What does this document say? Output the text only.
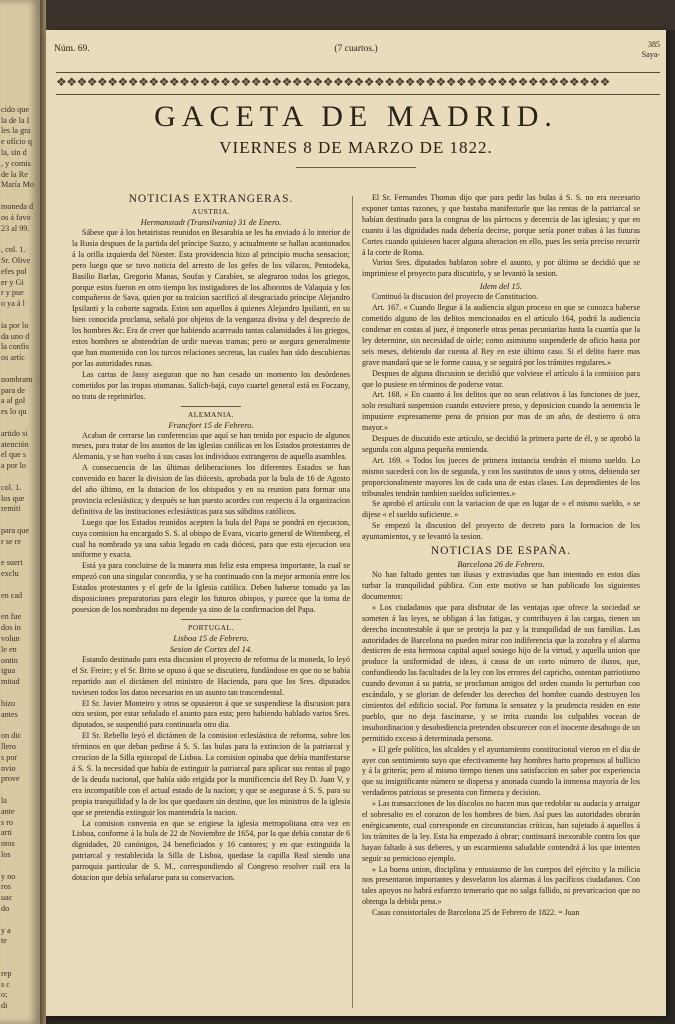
cido que
la de la I
les la gra
e ofício q
la, sin d
, y comis
de la Re
María Mo
moneda d
os á favo
23 al 99.
, col. 1.
Sr. Olive
efes pol
er y Gi
r y pue
o ya á l
ia por lo
da uno d
la confis
os artíc
nombram
para de
a al gol
es lo qu
artido si
atención
el que s
a por lo
col. 1.
los que
remiti
para que
r se re
e suert
exclu
en cad
en fue
dos in
volun
le en
ontin
igua
mitad
hizo
antes
on dic
llero
s por
nvio
prove
la
ante
s ro
arti
ntos
los
y no
ros
uac
do
y a
te
rep
s c
o;
di
Núm. 69.	(7 cuartos.)	385
Saya-
❖❖❖❖❖❖❖❖❖❖❖❖❖❖❖❖❖❖❖❖❖❖❖❖❖❖❖❖❖❖❖❖❖❖❖❖❖❖❖❖❖❖❖❖❖❖❖❖❖❖❖❖❖❖
GACETA DE MADRID.
VIERNES 8 DE MARZO DE 1822.
NOTICIAS EXTRANGERAS.
AUSTRIA.
Hermanstadt (Transilvania) 31 de Enero.

Sábese que á los hetairistas reunidos en Besarabia se les ha enviado á lo interior de la Rusia despues de la partida del príncipe Suzzo, y actualmente se hallan acantonados á la orilla izquierda del Niester. Esta providencia hizo al principio mucha sensacion; pero luego que se tuvo noticia del arresto de los gefes de los válacos, Pentodeka, Basilio Barlas, Gregorio Manas, Soufas y Carabíes, se alegraron todos los griegos, porque estos fueron en otro tiempo los instigadores de los alborotos de Valaquia y los compañeros de Sava, quien por su traicion sacrificó al desgraciado príncipe Alejandro Ipsilanti y la cohorte sagrada. Estos son aquellos á quienes Alejandro Ipsilanti, en su bien conocida proclama, señaló por objetos de la venganza divina y del desprecio de los hombres &c. Era de creer que habiendo acarreado tantas calamidades á los griegos, estos hombres se abstendrían de urdir nuevas tramas; pero se asegura generalmente que han mantenido con los turcos relaciones secretas, las cuales han sido descubiertas por las autoridades rusas.

Las cartas de Jassy aseguran que no han cesado un momento los desórdenes cometidos por las tropas otomanas. Salich-bajá, cuyo cuartel general está en Foczany, no trata de reprimirlos.

ALEMANIA.
Francfort 15 de Febrero.

Acaban de cerrarse las conferencias que aquí se han tenido por espacio de algunos meses, para tratar de los asuntos de las iglesias católicas en los Estados protestantes de Alemania, y se han vuelto á sus casas los individuos extrangeros de aquella asamblea.

A consecuencia de las últimas deliberaciones los diferentes Estados se han convenido en hacer la division de las diócesis, aprobada por la bula de 16 de Agosto del año último, en la dotacion de los obispados y en su reunion para formar una provincia eclesiástica; y después se han puesto acordes con respecto á la organizacion definitiva de las instituciones eclesiásticas para sus súbditos católicos.

Luego que los Estados reunidos acepten la bula del Papa se pondrá en ejecucion, cuya comision ha encargado S. S. al obispo de Evara, vicario general de Witemberg, el cual ha nombrado ya una sabia legado en cada diócesi, para que esta ejecucion sea uniforme y exacta.

Está ya para concluirse de la manera mas feliz esta empresa importante, la cual se empezó con una singular concordia, y se ha continuado con la mejor armonía entre los Estados protestantes y el gefe de la Iglesia católica. Deben haberse tomado ya las disposiciones preparatorias para elegir los futuros obispos, y parece que la toma de posesion de los nombrados no depende ya sino de la confirmacion del Papa.

PORTUGAL.
Lisboa 15 de Febrero.
Sesion de Cortes del 14.

Estando destinado para esta discusion el proyecto de reforma de la moneda, lo leyó el Sr. Freire; y el Sr. Brito se opuso á que se discutiera, fundándose en que no se había repartido aun el dictámen del ministro de Hacienda, para que los Sres. diputados tuviesen todos los datos necesarios en un asunto tan trascendental.

El Sr. Javier Monteiro y otros se opusieron á que se suspendiese la discusion para otra sesion, por estar señalado el asunto para esta; pero habiendo hablado varios Sres. diputados, se suspendió para continuarla otro dia.

El Sr. Rebello leyó el dictámen de la comision eclesiástica de reforma, sobre los términos en que deban pedirse á S. S. las bulas para la extincion de la patriarcal y creacion de la Silla episcopal de Lisboa. La comision opinaba que debía manifestarse á S. S. la necesidad que había de extinguir la patriarcal para aplicar sus rentas al pago de la deuda nacional, que había sido erigida por la munificencia del Rey D. Juan V, y era incompatible con el actual estado de la nacion; y que se asegurase á S. S. para su propia tranquilidad y la de los que quedasen sin destino, que los ministros de la iglesia que se pretendía extinguir los mantendría la nacion.

La comision convenia en que se erigiese la iglesia metropolitana otra vez en Lisboa, conforme á la bula de 22 de Noviembre de 1654, por la que debía constar de 6 dignidades, 20 canónigos, 24 beneficiados y 16 cantores; y en que extinguida la patriarcal y restablecida la Silla de Lisboa, quedase la capilla Real siendo una parroquia particular de S. M., correspondiendo al Congreso resolver cuál era la dotacion que debía señalarse para su conservacion.

El Sr. Fernandes Thomas dijo que para pedir las bulas á S. S. no era necesario exponer tantas razones, y que bastaba manifestarle que las rentas de la patriarcal se habían destinado para la congrua de los párrocos y decencia de las iglesias; y que en cuanto á las dignidades nada debería decirse, porque sería poner trabas á las futuras Cortes cuando quisiesen hacer alguna alteracion en ello, pues les sería preciso recurrir á la corte de Roma.

Varios Sres. diputados hablaron sobre el asunto, y por último se decidió que se imprimiese el proyecto para discutirlo, y se levantó la sesion.

Idem del 15.

Continuó la discusion del proyecto de Constitucion.

Art. 167. « Cuando llegue á la audiencia algun proceso en que se conozca haberse cometido alguno de los delitos mencionados en el artículo 164, podrá la audiencia condenar en costas al juez, é imponerle otras penas pecuniarias hasta la cuantía que la ley determine, sin necesidad de oírle; como asimismo suspenderle de oficio hasta por seis meses, debiendo dar cuenta al Rey en este último caso. Si el delito fuere mas grave mandará que se le forme causa, y se seguirá por los trámites regulares.»

Despues de alguna discusion se decidió que volviese el artículo á la comision para que lo pusiese en términos de poderse votar.

Art. 168. « En cuanto á los delitos que no sean relativos á las funciones de juez, solo resultará suspension cuando estuviere preso, y deposicion cuando la sentencia le impusiere expresamente pena de prision por mas de un año, de destierro ú otra mayor.»

Despues de discutido este artículo, se decidió la primera parte de él, y se aprobó la segunda con alguna pequeña enmienda.

Art. 169. « Todos los jueces de primera instancia tendrán el mismo sueldo. Lo mismo sucederá con los de segunda, y con los sustitutos de unos y otros, debiendo ser proporcionalmente mayores los de cada una de estas clases. Los dependientes de los tribunales tendrán tambien sueldos suficientes.»

Se aprobó el artículo con la variacion de que en lugar de « el mismo sueldo, » se dijese « el sueldo suficiente. »

Se empezó la discusion del proyecto de decreto para la formacion de los ayuntamientos, y se levantó la sesion.

NOTICIAS DE ESPAÑA.
Barcelona 26 de Febrero.

No han faltado gentes tan ilusas y extraviadas que han intentado en estos días turbar la tranquilidad pública. Con este motivo se han publicado los siguientes documentos:

« Los ciudadanos que para disfrutar de las ventajas que ofrece la sociedad se someten á las leyes, se obligan á las fatigas, y contribuyen á las cargas, tienen un derecho incontestable á que se proteja la paz y la tranquilidad de sus familias. Las autoridades de Barcelona no pueden mirar con indiferencia que la zozobra y el alarma desticren de esta hermosa capital aquel sosiego hijo de la virtud, y aquella union que produce la uniformidad de ideas, á causa de un corto número de ilusos, que, confundiendo las facultades de la ley con los errores del capricho, ostentan patriotismo cuando devoran á su patria, se proclaman amigos del orden cuando lo perturban con escándalo, y se glorian de defender los derechos del hombre cuando destruyen los cimientos del edificio social. Por fortuna la sensatez y la prudencia residen en este pueblo, que no deja fascinarse, y se irrita cuando los culpables vocean de insubordinacion y desobediencia pretenden obscurecer con el inocente desahogo de un permitido exceso á determinada persona.

» El gefe político, los alcaldes y el ayuntamiento constitucional vieron en el dia de ayer con sentimiento suyo que efectivamente hay hombres harto propensos al bullicio y á la gritería; pero al mismo tiempo tienen una satisfaccion en saber por experiencia que su insignificante número se dispersa y anonada cuando la inmensa mayoría de los verdaderos patriotas se presenta con firmeza y decision.

» Las transacciones de los díscolos no hacen mas que redoblar su audacia y arraigar el sobresalto en el corazon de los hombres de bien. Así pues las autoridades obrarán enérgicamente, cual corresponde en circunstancias críticas, han sujetado á aquellos á los trámites de la ley. Esta ha empezado á obrar; continuará inexorable contra los que hayan faltado á sus deberes, y un escarmiento saludable contendrá á los que intenten seguir su pernicioso ejemplo.

» La buena union, disciplina y entusiasmo de los cuerpos del ejército y la milicia nos presentaron importantes y desvelaron los alarmas á los pacíficos ciudadanos. Con tales apoyos no habrá esfuerzo temerario que no salga fallido, ni prevaricacion que no obtenga la debida pena.»

Casas consistoriales de Barcelona 25 de Febrero de 1822. = Juan
